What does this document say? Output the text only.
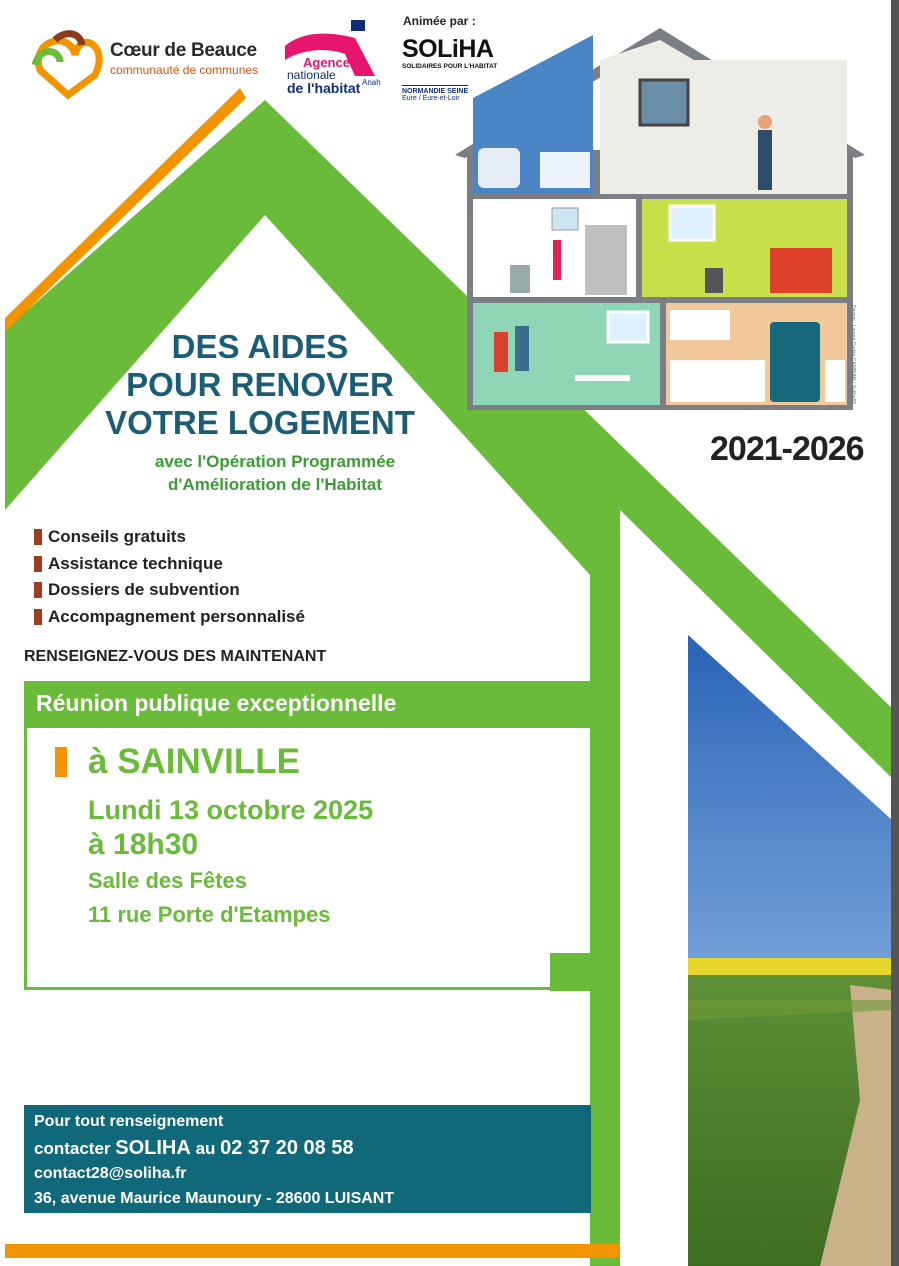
Cœur de Beauce
communauté de communes	Agence
nationale
de l'habitat Anah
Animée par :
SOLiHA
SOLIDAIRES POUR L'HABITAT
NORMANDIE SEINE
Eure / Eure-et-Loir
Design : Lorena Cortés CAMBIAN / Soliha55
DES AIDES
POUR RENOVER
VOTRE LOGEMENT
avec l'Opération Programmée
d'Amélioration de l'Habitat
2021-2026
Conseils gratuits
Assistance technique
Dossiers de subvention
Accompagnement personnalisé
RENSEIGNEZ-VOUS DES MAINTENANT
Réunion publique exceptionnelle
à SAINVILLE
Lundi 13 octobre 2025
à 18h30
Salle des Fêtes
11 rue Porte d'Etampes
Pour tout renseignement
contacter SOLIHA au 02 37 20 08 58
contact28@soliha.fr
36, avenue Maurice Maunoury - 28600 LUISANT
